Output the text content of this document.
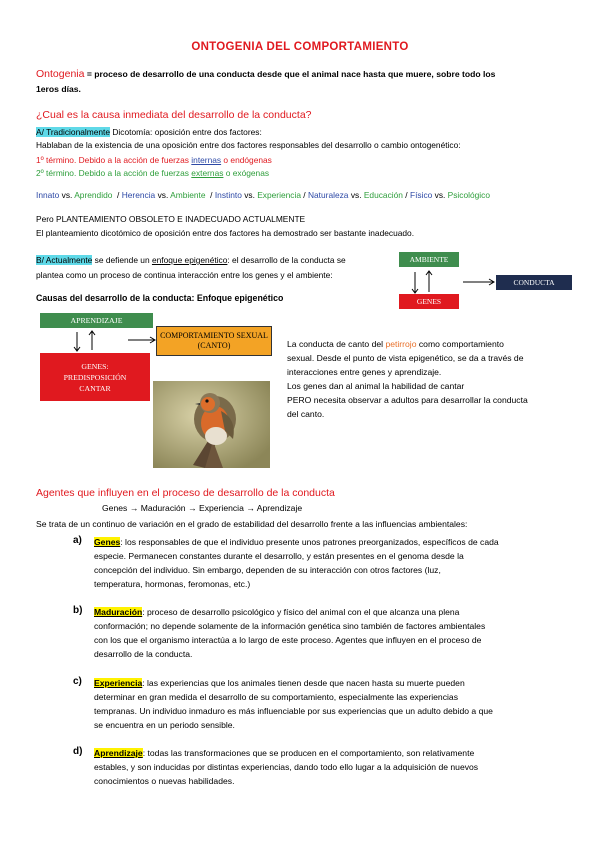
ONTOGENIA DEL COMPORTAMIENTO
Ontogenia = proceso de desarrollo de una conducta desde que el animal nace hasta que muere, sobre todo los
1eros días.
¿Cual es la causa inmediata del desarrollo de la conducta?
A/ Tradicionalmente Dicotomía: oposición entre dos factores:
Hablaban de la existencia de una oposición entre dos factores responsables del desarrollo o cambio ontogenético:
1º término. Debido a la acción de fuerzas internas o endógenas
2º término. Debido a la acción de fuerzas externas o exógenas
Innato vs. Aprendido  / Herencia vs. Ambiente  / Instinto vs. Experiencia / Naturaleza vs. Educación / Físico vs. Psicológico
Pero PLANTEAMIENTO OBSOLETO E INADECUADO ACTUALMENTE
El planteamiento dicotómico de oposición entre dos factores ha demostrado ser bastante inadecuado.
B/ Actualmente se defiende un enfoque epigenético: el desarrollo de la conducta se
plantea como un proceso de continua interacción entre los genes y el ambiente:
Causas del desarrollo de la conducta: Enfoque epigenético
AMBIENTE
GENES
CONDUCTA
APRENDIZAJE
COMPORTAMIENTO SEXUAL (CANTO)
GENES:
PREDISPOSICIÓN
CANTAR
La conducta de canto del petirrojo como comportamiento
sexual. Desde el punto de vista epigenético, se da a través de
interacciones entre genes y aprendizaje.
Los genes dan al animal la habilidad de cantar
PERO necesita observar a adultos para desarrollar la conducta
del canto.
Agentes que influyen en el proceso de desarrollo de la conducta
Genes → Maduración → Experiencia → Aprendizaje
Se trata de un continuo de variación en el grado de estabilidad del desarrollo frente a las influencias ambientales:
a) Genes: los responsables de que el individuo presente unos patrones preorganizados, específicos de cada
especie. Permanecen constantes durante el desarrollo, y están presentes en el genoma desde la
concepción del individuo. Sin embargo, dependen de su interacción con otros factores (luz,
temperatura, hormonas, feromonas, etc.)
b) Maduración: proceso de desarrollo psicológico y físico del animal con el que alcanza una plena
conformación; no depende solamente de la información genética sino también de factores ambientales
con los que el organismo interactúa a lo largo de este proceso. Agentes que influyen en el proceso de
desarrollo de la conducta.
c) Experiencia: las experiencias que los animales tienen desde que nacen hasta su muerte pueden
determinar en gran medida el desarrollo de su comportamiento, especialmente las experiencias
tempranas. Un individuo inmaduro es más influenciable por sus experiencias que un adulto debido a que
se encuentra en un periodo sensible.
d) Aprendizaje: todas las transformaciones que se producen en el comportamiento, son relativamente
estables, y son inducidas por distintas experiencias, dando todo ello lugar a la adquisición de nuevos
conocimientos o nuevas habilidades.
